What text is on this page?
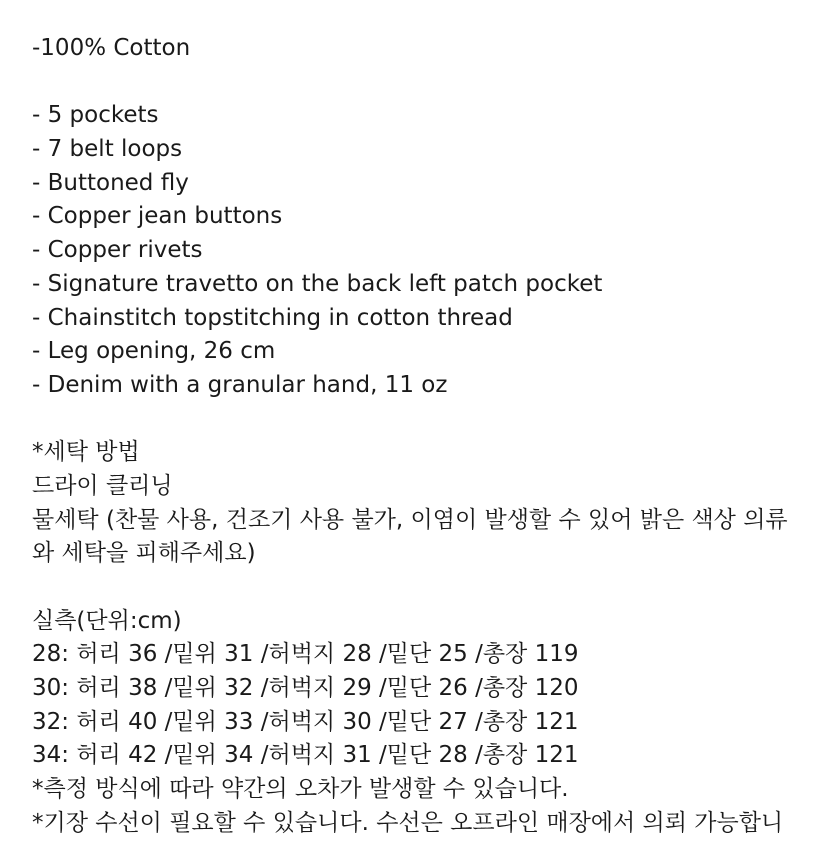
-100% Cotton
- 5 pockets
- 7 belt loops
- Buttoned fly
- Copper jean buttons
- Copper rivets
- Signature travetto on the back left patch pocket
- Chainstitch topstitching in cotton thread
- Leg opening, 26 cm
- Denim with a granular hand, 11 oz
*세탁 방법
드라이 클리닝
물세탁 (찬물 사용, 건조기 사용 불가, 이염이 발생할 수 있어 밝은 색상 의류
와 세탁을 피해주세요)
실측(단위:cm)
28: 허리 36 /밑위 31 /허벅지 28 /밑단 25 /총장 119
30: 허리 38 /밑위 32 /허벅지 29 /밑단 26 /총장 120
32: 허리 40 /밑위 33 /허벅지 30 /밑단 27 /총장 121
34: 허리 42 /밑위 34 /허벅지 31 /밑단 28 /총장 121
*측정 방식에 따라 약간의 오차가 발생할 수 있습니다.
*기장 수선이 필요할 수 있습니다. 수선은 오프라인 매장에서 의뢰 가능합니
